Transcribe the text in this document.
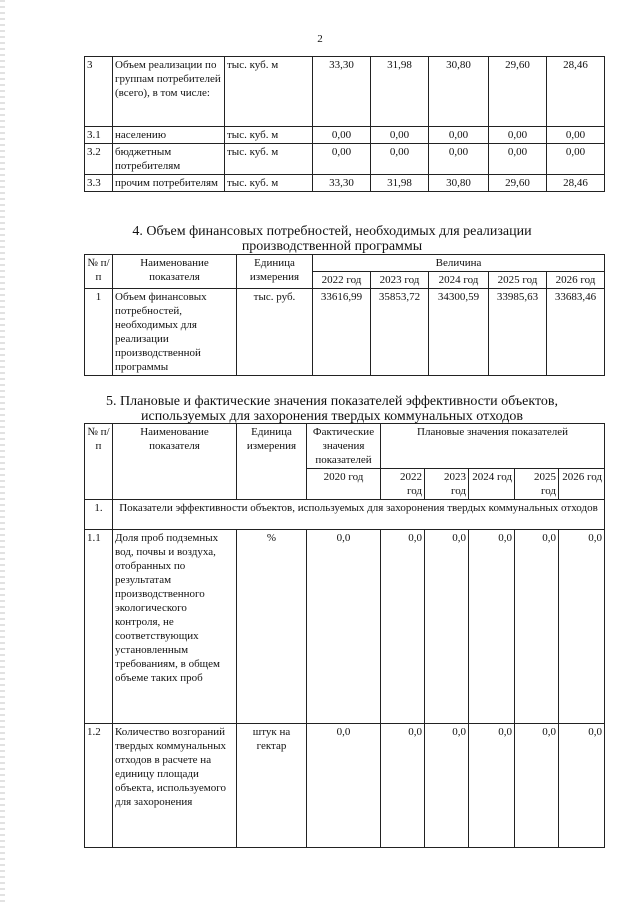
2
3	Объем реализации по группам потребителей (всего), в том числе:	тыс. куб. м	33,30	31,98	30,80	29,60	28,46
3.1	населению	тыс. куб. м	0,00	0,00	0,00	0,00	0,00
3.2	бюджетным потребителям	тыс. куб. м	0,00	0,00	0,00	0,00	0,00
3.3	прочим потребителям	тыс. куб. м	33,30	31,98	30,80	29,60	28,46
4. Объем финансовых потребностей, необходимых для реализации
производственной программы
№ п/п	Наименование показателя	Единица измерения	Величина				
			2022 год	2023 год	2024 год	2025 год	2026 год
1	Объем финансовых потребностей, необходимых для реализации производственной программы	тыс. руб.	33616,99	35853,72	34300,59	33985,63	33683,46
5. Плановые и фактические значения показателей эффективности объектов,
используемых для захоронения твердых коммунальных отходов
№ п/п	Наименование показателя	Единица измерения	Фактические значения показателей	Плановые значения показателей				
			2020 год	2022 год	2023 год	2024 год	2025 год	2026 год
1.	Показатели эффективности объектов, используемых для захоронения твердых коммунальных отходов							
1.1	Доля проб подземных вод, почвы и воздуха, отобранных по результатам производственного экологического контроля, не соответствующих установленным требованиям, в общем объеме таких проб	%	0,0	0,0	0,0	0,0	0,0	0,0
1.2	Количество возгораний твердых коммунальных отходов в расчете на единицу площади объекта, используемого для захоронения	штук на гектар	0,0	0,0	0,0	0,0	0,0	0,0
